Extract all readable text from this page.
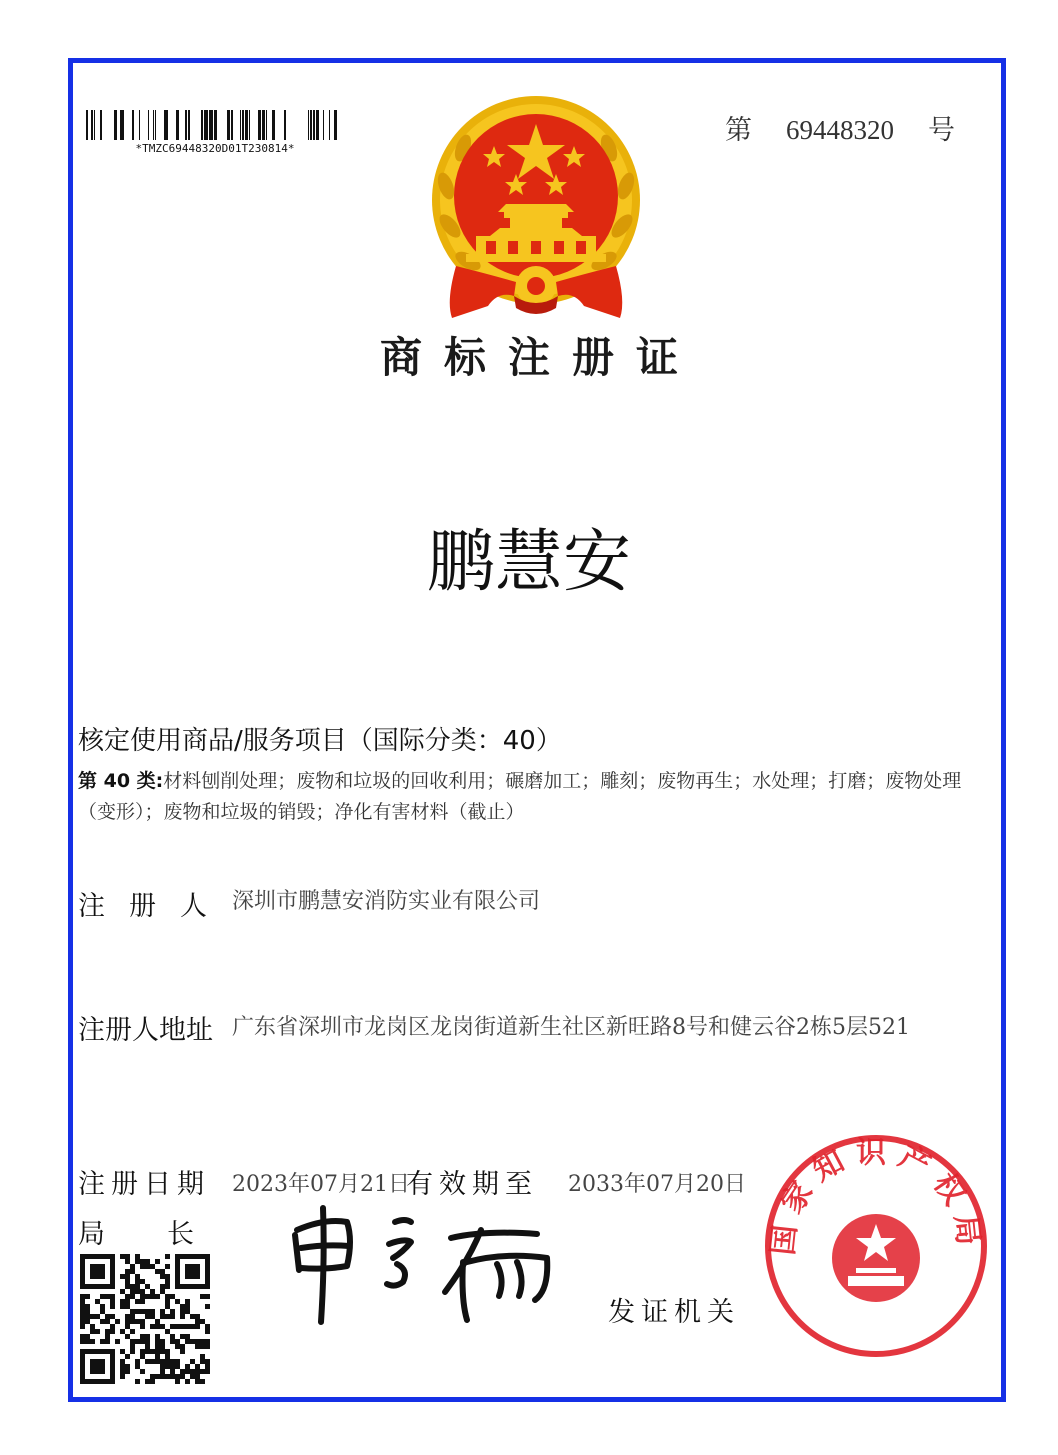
*TMZC69448320D01T230814*
第 69448320 号
商标注册证
鹏慧安
核定使用商品/服务项目（国际分类：40）
第 40 类:材料刨削处理；废物和垃圾的回收利用；碾磨加工；雕刻；废物再生；水处理；打磨；废物处理（变形）；废物和垃圾的销毁；净化有害材料（截止）
注册人 深圳市鹏慧安消防实业有限公司
注册人地址 广东省深圳市龙岗区龙岗街道新生社区新旺路8号和健云谷2栋5层521
注册日期 2023年07月21日
有效期至 2033年07月20日
局 长
发证机关
国家知识产权局
